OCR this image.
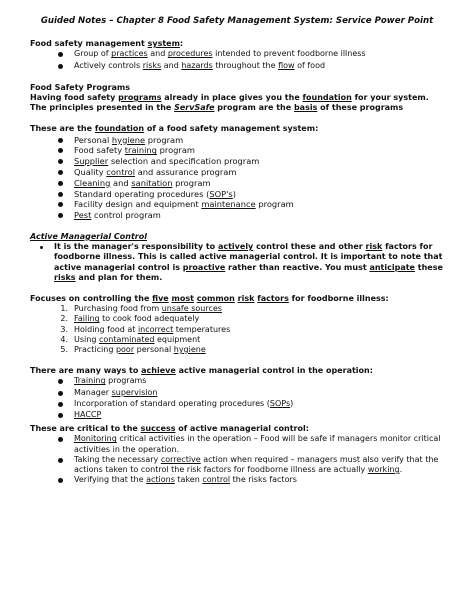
Guided Notes – Chapter 8 Food Safety Management System: Service Power Point
Food safety management system:
Group of practices and procedures intended to prevent foodborne illness
Actively controls risks and hazards throughout the flow of food
Food Safety Programs
Having food safety programs already in place gives you the foundation for your system.
The principles presented in the ServSafe program are the basis of these programs
These are the foundation of a food safety management system:
Personal hygiene program
Food safety training program
Supplier selection and specification program
Quality control and assurance program
Cleaning and sanitation program
Standard operating procedures (SOP's)
Facility design and equipment maintenance program
Pest control program
Active Managerial Control
It is the manager's responsibility to actively control these and other risk factors for foodborne illness. This is called active managerial control. It is important to note that active managerial control is proactive rather than reactive. You must anticipate these risks and plan for them.
Focuses on controlling the five most common risk factors for foodborne illness:
1. Purchasing food from unsafe sources
2. Failing to cook food adequately
3. Holding food at incorrect temperatures
4. Using contaminated equipment
5. Practicing poor personal hygiene
There are many ways to achieve active managerial control in the operation:
Training programs
Manager supervision
Incorporation of standard operating procedures (SOPs)
HACCP
These are critical to the success of active managerial control:
Monitoring critical activities in the operation – Food will be safe if managers monitor critical activities in the operation.
Taking the necessary corrective action when required – managers must also verify that the actions taken to control the risk factors for foodborne illness are actually working.
Verifying that the actions taken control the risks factors
